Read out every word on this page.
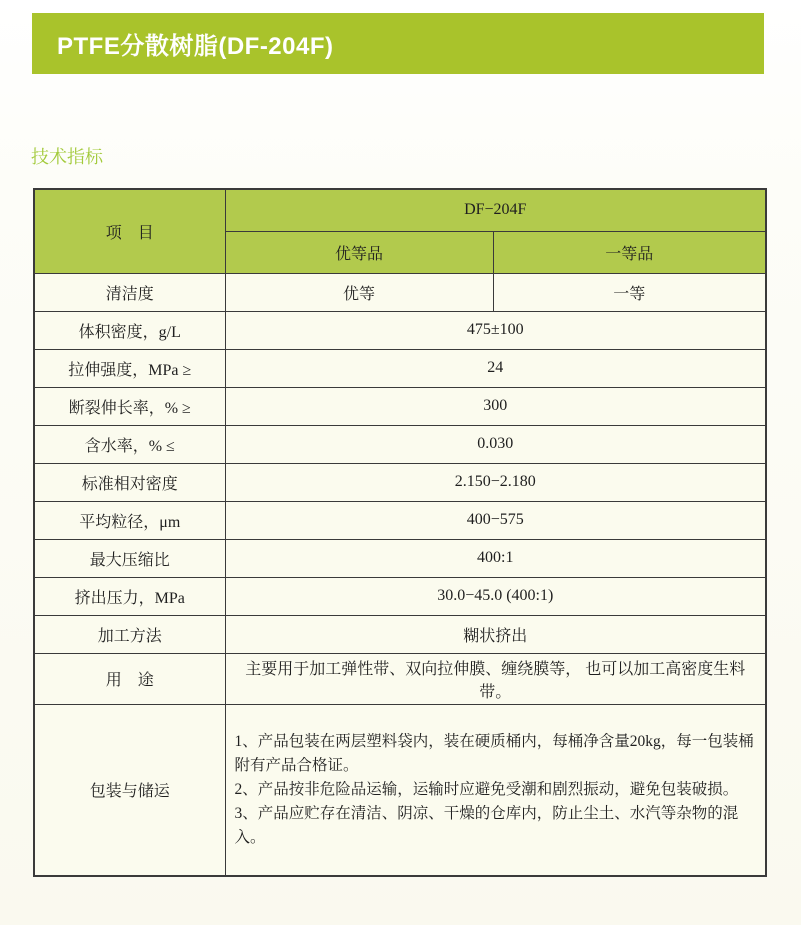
PTFE分散树脂(DF-204F)
技术指标
项　目	DF−204F	
	优等品	一等品
清洁度	优等	一等
体积密度，g/L	475±100	
拉伸强度，MPa ≥	24	
断裂伸长率，% ≥	300	
含水率，% ≤	0.030	
标准相对密度	2.150−2.180	
平均粒径，μm	400−575	
最大压缩比	400:1	
挤出压力，MPa	30.0−45.0 (400:1)	
加工方法	糊状挤出	
用　途	主要用于加工弹性带、双向拉伸膜、缠绕膜等， 也可以加工高密度生料带。	
包装与储运	1、产品包装在两层塑料袋内，装在硬质桶内，每桶净含量20kg，每一包装桶附有产品合格证。
2、产品按非危险品运输，运输时应避免受潮和剧烈振动，避免包装破损。
3、产品应贮存在清洁、阴凉、干燥的仓库内，防止尘土、水汽等杂物的混入。	
